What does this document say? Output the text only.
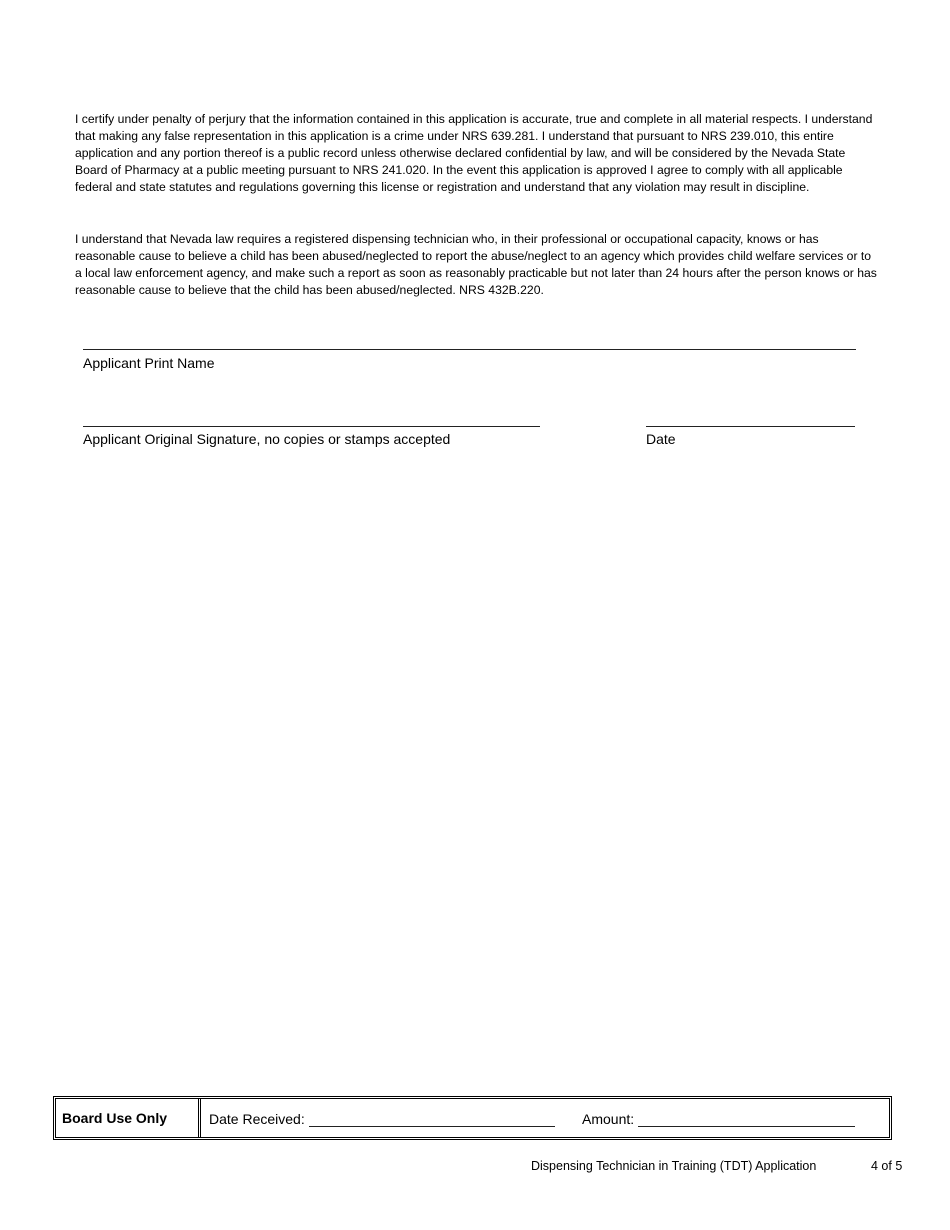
I certify under penalty of perjury that the information contained in this application is accurate, true and complete in all material respects. I understand that making any false representation in this application is a crime under NRS 639.281. I understand that pursuant to NRS 239.010, this entire application and any portion thereof is a public record unless otherwise declared confidential by law, and will be considered by the Nevada State Board of Pharmacy at a public meeting pursuant to NRS 241.020. In the event this application is approved I agree to comply with all applicable federal and state statutes and regulations governing this license or registration and understand that any violation may result in discipline.

I understand that Nevada law requires a registered dispensing technician who, in their professional or occupational capacity, knows or has reasonable cause to believe a child has been abused/neglected to report the abuse/neglect to an agency which provides child welfare services or to a local law enforcement agency, and make such a report as soon as reasonably practicable but not later than 24 hours after the person knows or has reasonable cause to believe that the child has been abused/neglected. NRS 432B.220.

Applicant Print Name
Applicant Original Signature, no copies or stamps accepted	Date
Board Use Only	Date Received:	Amount:
Dispensing Technician in Training (TDT) Application	4 of 5
